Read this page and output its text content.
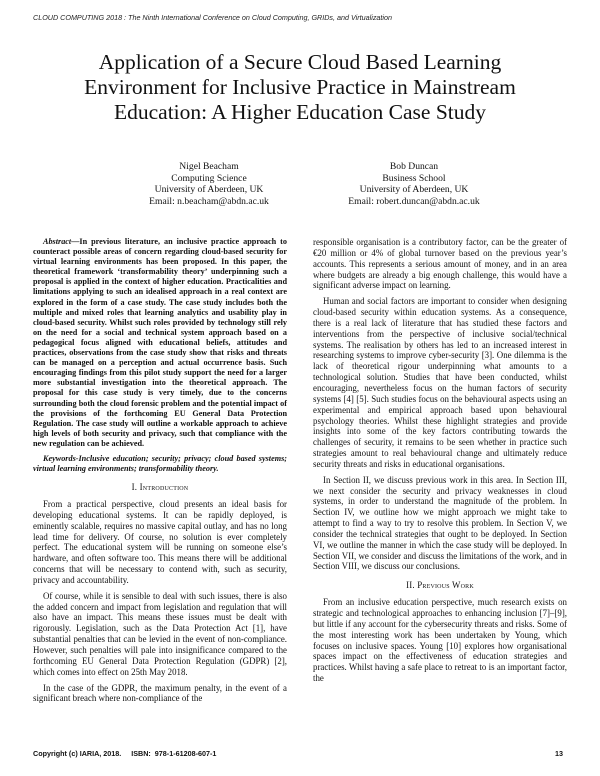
CLOUD COMPUTING 2018 : The Ninth International Conference on Cloud Computing, GRIDs, and Virtualization
Application of a Secure Cloud Based Learning Environment for Inclusive Practice in Mainstream Education: A Higher Education Case Study
Nigel Beacham
Computing Science
University of Aberdeen, UK
Email: n.beacham@abdn.ac.uk
Bob Duncan
Business School
University of Aberdeen, UK
Email: robert.duncan@abdn.ac.uk

Abstract—In previous literature, an inclusive practice approach to counteract possible areas of concern regarding cloud-based security for virtual learning environments has been proposed. In this paper, the theoretical framework ‘transformability theory’ underpinning such a proposal is applied in the context of higher education. Practicalities and limitations applying to such an idealised approach in a real context are explored in the form of a case study. The case study includes both the multiple and mixed roles that learning analytics and usability play in cloud-based security. Whilst such roles provided by technology still rely on the need for a social and technical system approach based on a pedagogical focus aligned with educational beliefs, attitudes and practices, observations from the case study show that risks and threats can be managed on a perception and actual occurrence basis. Such encouraging findings from this pilot study support the need for a larger more substantial investigation into the theoretical approach. The proposal for this case study is very timely, due to the concerns surrounding both the cloud forensic problem and the potential impact of the provisions of the forthcoming EU General Data Protection Regulation. The case study will outline a workable approach to achieve high levels of both security and privacy, such that compliance with the new regulation can be achieved.

Keywords-Inclusive education; security; privacy; cloud based systems; virtual learning environments; transformability theory.

I. Introduction

From a practical perspective, cloud presents an ideal basis for developing educational systems. It can be rapidly deployed, is eminently scalable, requires no massive capital outlay, and has no long lead time for delivery. Of course, no solution is ever completely perfect. The educational system will be running on someone else’s hardware, and often software too. This means there will be additional concerns that will be necessary to contend with, such as security, privacy and accountability.

Of course, while it is sensible to deal with such issues, there is also the added concern and impact from legislation and regulation that will also have an impact. This means these issues must be dealt with rigorously. Legislation, such as the Data Protection Act [1], have substantial penalties that can be levied in the event of non-compliance. However, such penalties will pale into insignificance compared to the forthcoming EU General Data Protection Regulation (GDPR) [2], which comes into effect on 25th May 2018.

In the case of the GDPR, the maximum penalty, in the event of a significant breach where non-compliance of the

responsible organisation is a contributory factor, can be the greater of €20 million or 4% of global turnover based on the previous year’s accounts. This represents a serious amount of money, and in an area where budgets are already a big enough challenge, this would have a significant adverse impact on learning.

Human and social factors are important to consider when designing cloud-based security within education systems. As a consequence, there is a real lack of literature that has studied these factors and interventions from the perspective of inclusive social/technical systems. The realisation by others has led to an increased interest in researching systems to improve cyber-security [3]. One dilemma is the lack of theoretical rigour underpinning what amounts to a technological solution. Studies that have been conducted, whilst encouraging, nevertheless focus on the human factors of security systems [4] [5]. Such studies focus on the behavioural aspects using an experimental and empirical approach based upon behavioural psychology theories. Whilst these highlight strategies and provide insights into some of the key factors contributing towards the challenges of security, it remains to be seen whether in practice such strategies amount to real behavioural change and ultimately reduce security threats and risks in educational organisations.

In Section II, we discuss previous work in this area. In Section III, we next consider the security and privacy weaknesses in cloud systems, in order to understand the magnitude of the problem. In Section IV, we outline how we might approach we might take to attempt to find a way to try to resolve this problem. In Section V, we consider the technical strategies that ought to be deployed. In Section VI, we outline the manner in which the case study will be deployed. In Section VII, we consider and discuss the limitations of the work, and in Section VIII, we discuss our conclusions.

II. Previous Work

From an inclusive education perspective, much research exists on strategic and technological approaches to enhancing inclusion [7]–[9], but little if any account for the cybersecurity threats and risks. Some of the most interesting work has been undertaken by Young, which focuses on inclusive spaces. Young [10] explores how organisational spaces impact on the effectiveness of education strategies and practices. Whilst having a safe place to retreat to is an important factor, the

Copyright (c) IARIA, 2018.     ISBN:  978-1-61208-607-1	13
